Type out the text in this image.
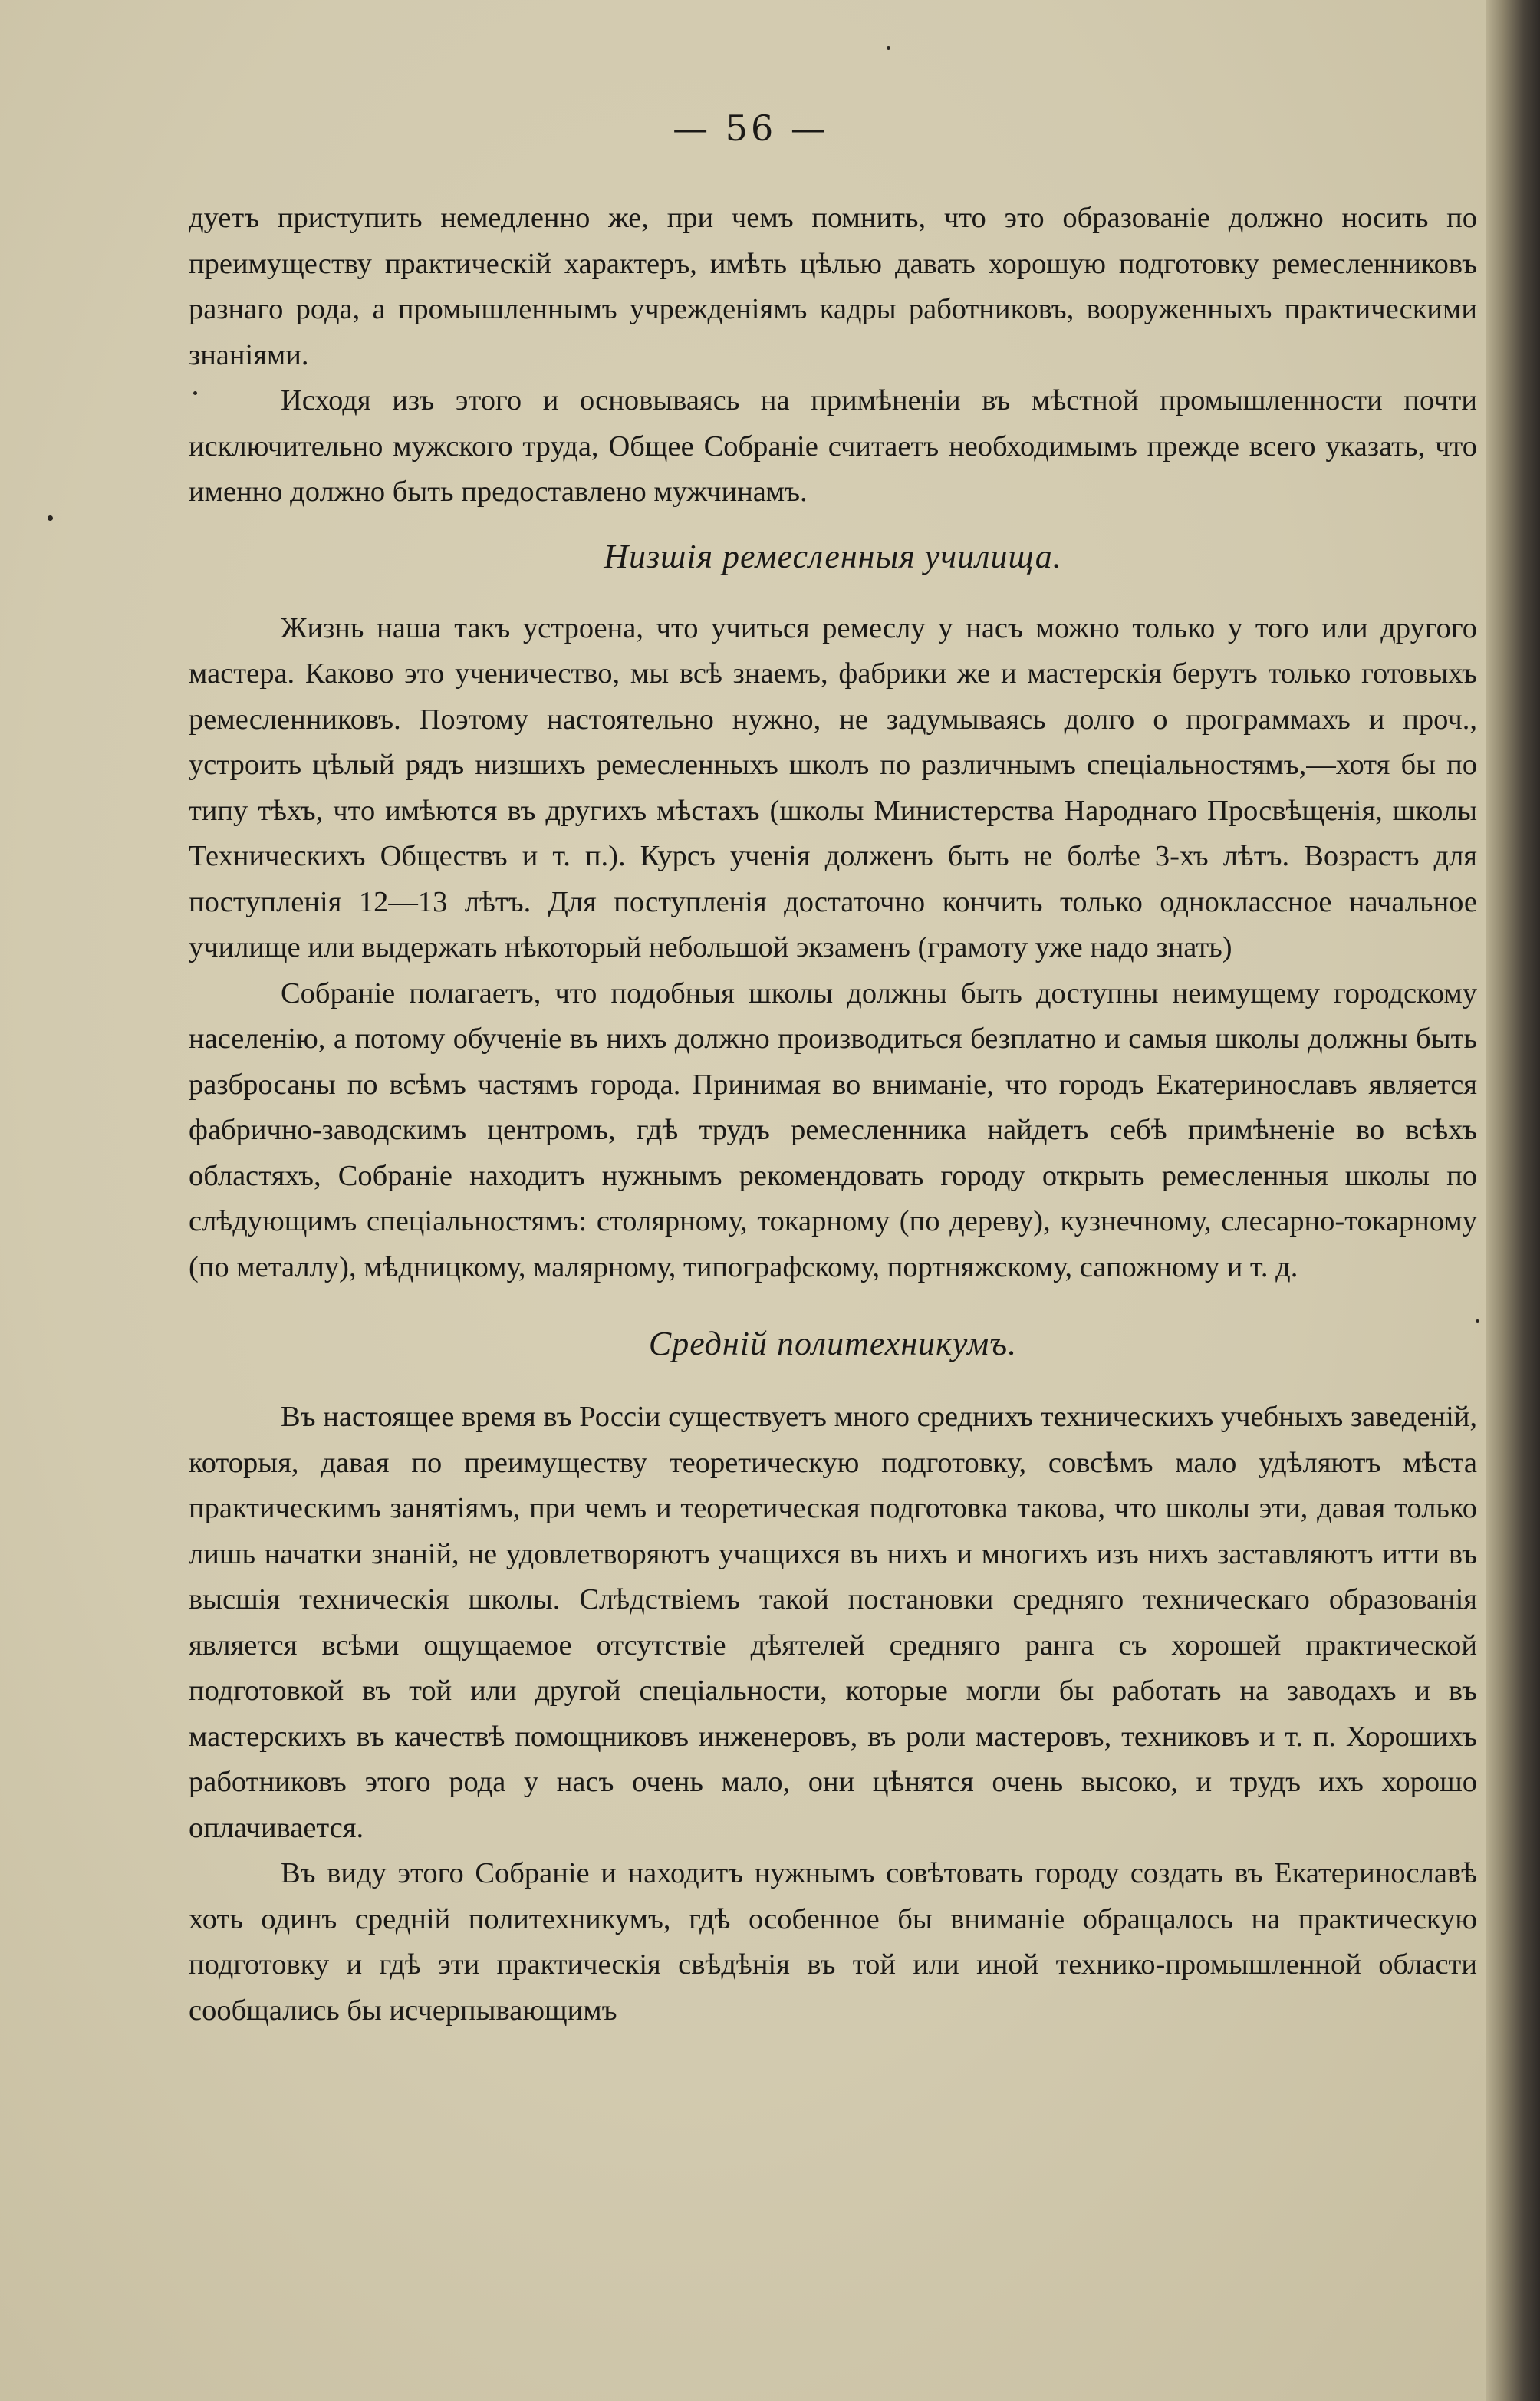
— 56 —

дуетъ приступить немедленно же, при чемъ помнить, что это образованіе должно носить по преимуществу практическій характеръ, имѣть цѣлью давать хорошую подготовку ремесленниковъ разнаго рода, а промышленнымъ учрежденіямъ кадры работниковъ, вооруженныхъ практическими знаніями.

Исходя изъ этого и основываясь на примѣненіи въ мѣстной промышленности почти исключительно мужского труда, Общее Собраніе считаетъ необходимымъ прежде всего указать, что именно должно быть предоставлено мужчинамъ.

Низшія ремесленныя училища.

Жизнь наша такъ устроена, что учиться ремеслу у насъ можно только у того или другого мастера. Каково это ученичество, мы всѣ знаемъ, фабрики же и мастерскія берутъ только готовыхъ ремесленниковъ. Поэтому настоятельно нужно, не задумываясь долго о программахъ и проч., устроить цѣлый рядъ низшихъ ремесленныхъ школъ по различнымъ спеціальностямъ,—хотя бы по типу тѣхъ, что имѣются въ другихъ мѣстахъ (школы Министерства Народнаго Просвѣщенія, школы Техническихъ Обществъ и т. п.). Курсъ ученія долженъ быть не болѣе 3-хъ лѣтъ. Возрастъ для поступленія 12—13 лѣтъ. Для поступленія достаточно кончить только одноклассное начальное училище или выдержать нѣкоторый небольшой экзаменъ (грамоту уже надо знать)

Собраніе полагаетъ, что подобныя школы должны быть доступны неимущему городскому населенію, а потому обученіе въ нихъ должно производиться безплатно и самыя школы должны быть разбросаны по всѣмъ частямъ города. Принимая во вниманіе, что городъ Екатеринославъ является фабрично-заводскимъ центромъ, гдѣ трудъ ремесленника найдетъ себѣ примѣненіе во всѣхъ областяхъ, Собраніе находитъ нужнымъ рекомендовать городу открыть ремесленныя школы по слѣдующимъ спеціальностямъ: столярному, токарному (по дереву), кузнечному, слесарно-токарному (по металлу), мѣдницкому, малярному, типографскому, портняжскому, сапожному и т. д.

Средній политехникумъ.

Въ настоящее время въ Россіи существуетъ много среднихъ техническихъ учебныхъ заведеній, которыя, давая по преимуществу теоретическую подготовку, совсѣмъ мало удѣляютъ мѣста практическимъ занятіямъ, при чемъ и теоретическая подготовка такова, что школы эти, давая только лишь начатки знаній, не удовлетворяютъ учащихся въ нихъ и многихъ изъ нихъ заставляютъ итти въ высшія техническія школы. Слѣдствіемъ такой постановки средняго техническаго образованія является всѣми ощущаемое отсутствіе дѣятелей средняго ранга съ хорошей практической подготовкой въ той или другой спеціальности, которые могли бы работать на заводахъ и въ мастерскихъ въ качествѣ помощниковъ инженеровъ, въ роли мастеровъ, техниковъ и т. п. Хорошихъ работниковъ этого рода у насъ очень мало, они цѣнятся очень высоко, и трудъ ихъ хорошо оплачивается.

Въ виду этого Собраніе и находитъ нужнымъ совѣтовать городу создать въ Екатеринославѣ хоть одинъ средній политехникумъ, гдѣ особенное бы вниманіе обращалось на практическую подготовку и гдѣ эти практическія свѣдѣнія въ той или иной технико-промышленной области сообщались бы исчерпывающимъ
